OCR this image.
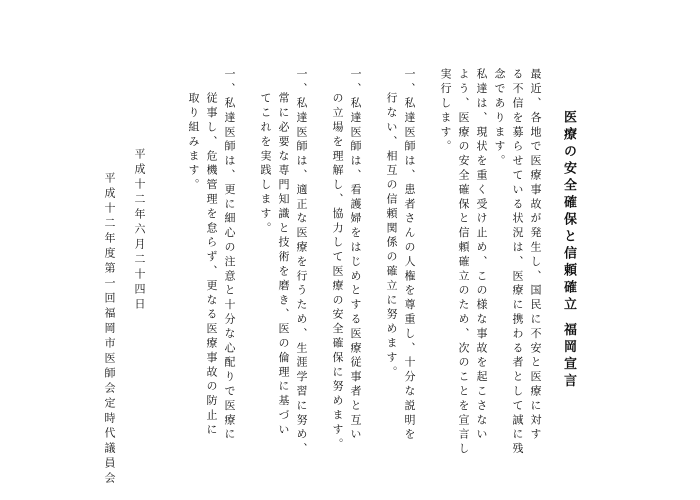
医療の安全確保と信頼確立 福岡宣言
最近、各地で医療事故が発生し、国民に不安と医療に対す
る不信を募らせている状況は、医療に携わる者として誠に残
念であります。
私達は、現状を重く受け止め、この様な事故を起こさない
よう、医療の安全確保と信頼確立のため、次のことを宣言し
実行します。
一、私達医師は、患者さんの人権を尊重し、十分な説明を
行ない、相互の信頼関係の確立に努めます。
一、私達医師は、看護婦をはじめとする医療従事者と互い
の立場を理解し、協力して医療の安全確保に努めます。
一、私達医師は、適正な医療を行うため、生涯学習に努め、
常に必要な専門知識と技術を磨き、医の倫理に基づい
てこれを実践します。
一、私達医師は、更に細心の注意と十分な心配りで医療に
従事し、危機管理を怠らず、更なる医療事故の防止に
取り組みます。
平成十二年六月二十四日
平成十二年度第一回福岡市医師会定時代議員会
